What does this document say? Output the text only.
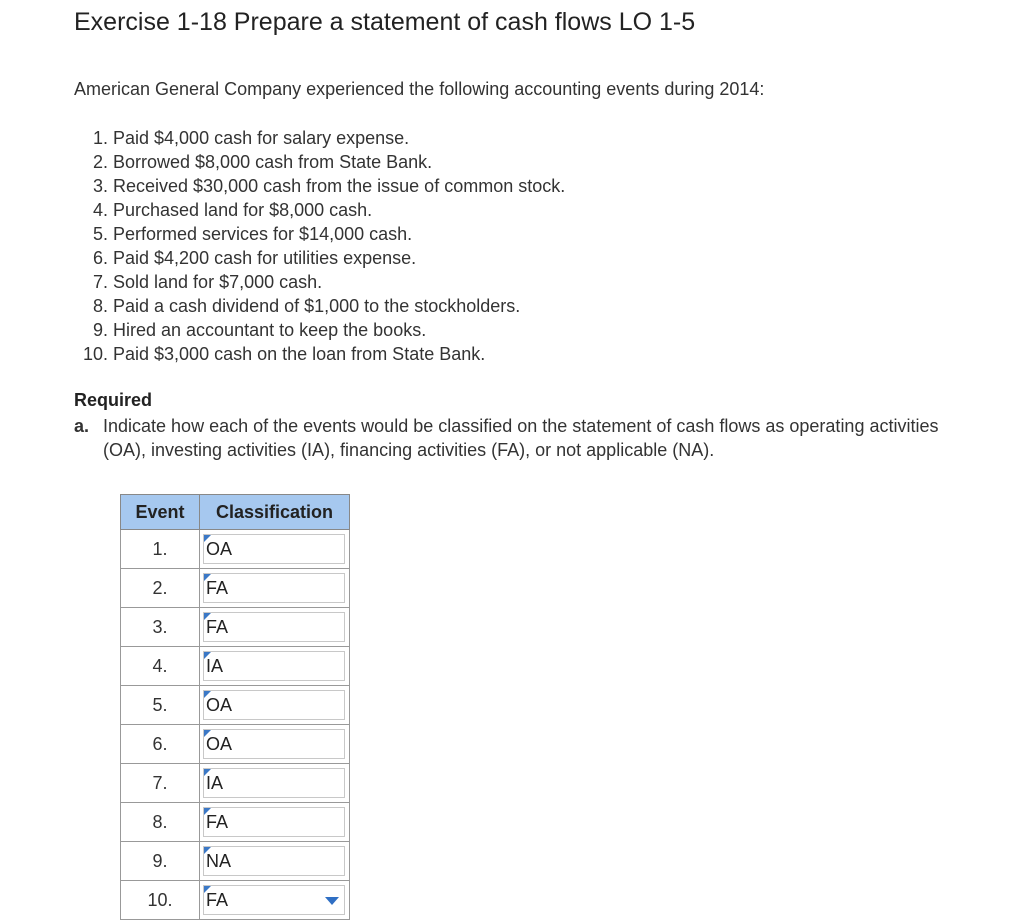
Exercise 1-18 Prepare a statement of cash flows LO 1-5

American General Company experienced the following accounting events during 2014:

1. Paid $4,000 cash for salary expense.
2. Borrowed $8,000 cash from State Bank.
3. Received $30,000 cash from the issue of common stock.
4. Purchased land for $8,000 cash.
5. Performed services for $14,000 cash.
6. Paid $4,200 cash for utilities expense.
7. Sold land for $7,000 cash.
8. Paid a cash dividend of $1,000 to the stockholders.
9. Hired an accountant to keep the books.
10. Paid $3,000 cash on the loan from State Bank.

Required

a. Indicate how each of the events would be classified on the statement of cash flows as operating activities (OA), investing activities (IA), financing activities (FA), or not applicable (NA).
Event	Classification
1.	OA

2.	FA

3.	FA

4.	IA

5.	OA

6.	OA

7.	IA

8.	FA

9.	NA

10.	FA
